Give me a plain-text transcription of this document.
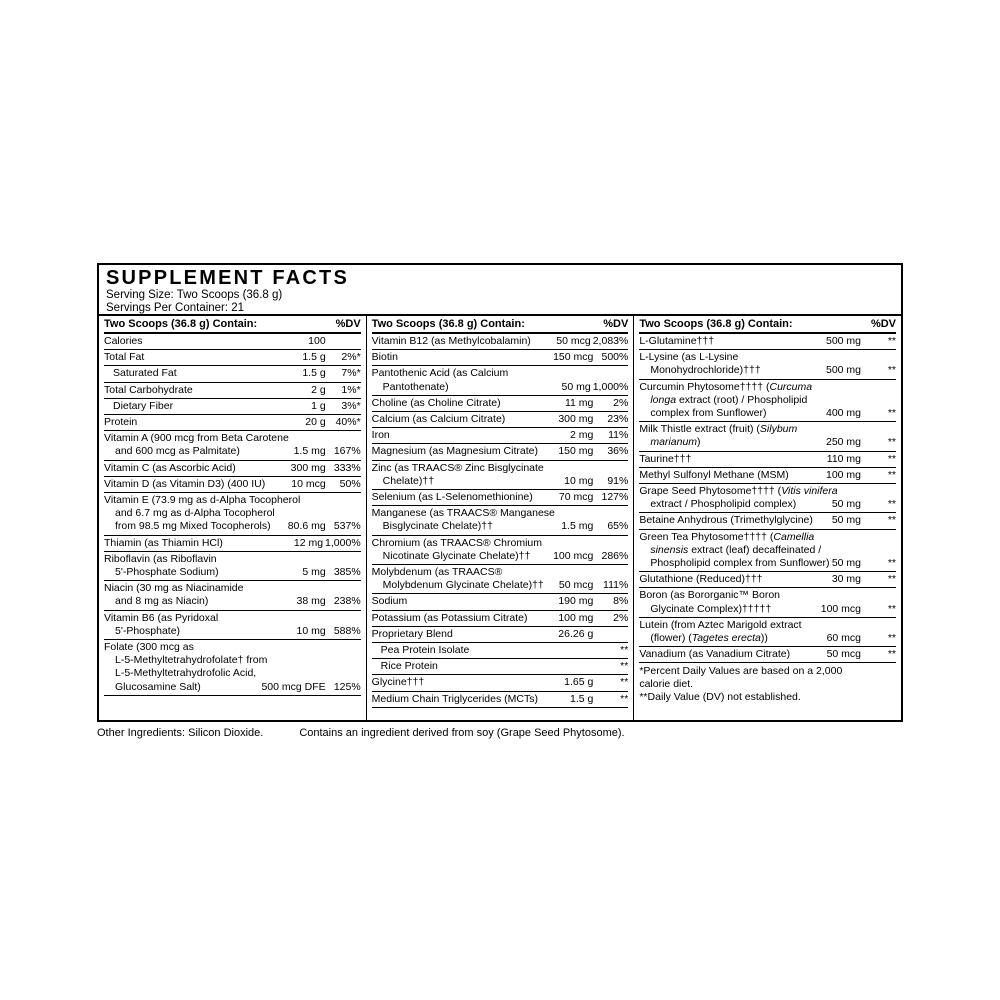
SUPPLEMENT FACTS
Serving Size: Two Scoops (36.8 g)
Servings Per Container: 21
Two Scoops (36.8 g) Contain:	%DV
Calories	100
Total Fat	1.5 g	2%*
Saturated Fat	1.5 g	7%*
Total Carbohydrate	2 g	1%*
Dietary Fiber	1 g	3%*
Protein	20 g 40%*
Vitamin A (900 mcg from Beta Carotene
and 600 mcg as Palmitate)	1.5 mg 167%
Vitamin C (as Ascorbic Acid)	300 mg 333%
Vitamin D (as Vitamin D3) (400 IU)	10 mcg	50%
Vitamin E (73.9 mg as d-Alpha Tocopherol
and 6.7 mg as d-Alpha Tocopherol
from 98.5 mg Mixed Tocopherols)	80.6 mg 537%
Thiamin (as Thiamin HCl)	12 mg 1,000%
Riboflavin (as Riboflavin
5'-Phosphate Sodium)	5 mg 385%
Niacin (30 mg as Niacinamide
and 8 mg as Niacin)	38 mg 238%
Vitamin B6 (as Pyridoxal
5'-Phosphate)	10 mg 588%
Folate (300 mcg as
L-5-Methyltetrahydrofolate† from
L-5-Methyltetrahydrofolic Acid,
Glucosamine Salt)	500 mcg DFE 125%
Two Scoops (36.8 g) Contain:	%DV
Vitamin B12 (as Methylcobalamin)	50 mcg 2,083%
Biotin	150 mcg 500%
Pantothenic Acid (as Calcium
Pantothenate)	50 mg 1,000%
Choline (as Choline Citrate)	11 mg	2%
Calcium (as Calcium Citrate)	300 mg	23%
Iron	2 mg	11%
Magnesium (as Magnesium Citrate)	150 mg	36%
Zinc (as TRAACS® Zinc Bisglycinate
Chelate)††	10 mg	91%
Selenium (as L-Selenomethionine)	70 mcg 127%
Manganese (as TRAACS® Manganese
Bisglycinate Chelate)††	1.5 mg	65%
Chromium (as TRAACS® Chromium
Nicotinate Glycinate Chelate)††	100 mcg 286%
Molybdenum (as TRAACS®
Molybdenum Glycinate Chelate)††	50 mcg 111%
Sodium	190 mg	8%
Potassium (as Potassium Citrate)	100 mg	2%
Proprietary Blend	26.26 g
Pea Protein Isolate	**
Rice Protein	**
Glycine†††	1.65 g	**
Medium Chain Triglycerides (MCTs)	1.5 g	**
Two Scoops (36.8 g) Contain:	%DV
L-Glutamine†††	500 mg	**
L-Lysine (as L-Lysine
Monohydrochloride)†††	500 mg	**
Curcumin Phytosome†††† (Curcuma
longa extract (root) / Phospholipid
complex from Sunflower)	400 mg	**
Milk Thistle extract (fruit) (Silybum
marianum)	250 mg	**
Taurine†††	110 mg	**
Methyl Sulfonyl Methane (MSM)	100 mg	**
Grape Seed Phytosome†††† (Vitis vinifera
extract / Phospholipid complex)	50 mg	**
Betaine Anhydrous (Trimethylglycine)	50 mg	**
Green Tea Phytosome†††† (Camellia
sinensis extract (leaf) decaffeinated /
Phospholipid complex from Sunflower) 50 mg	**
Glutathione (Reduced)†††	30 mg	**
Boron (as Bororganic™ Boron
Glycinate Complex)†††††	100 mcg	**
Lutein (from Aztec Marigold extract
(flower) (Tagetes erecta))	60 mcg	**
Vanadium (as Vanadium Citrate)	50 mcg	**
*Percent Daily Values are based on a 2,000
calorie diet.
**Daily Value (DV) not established.
Other Ingredients: Silicon Dioxide.	Contains an ingredient derived from soy (Grape Seed Phytosome).
